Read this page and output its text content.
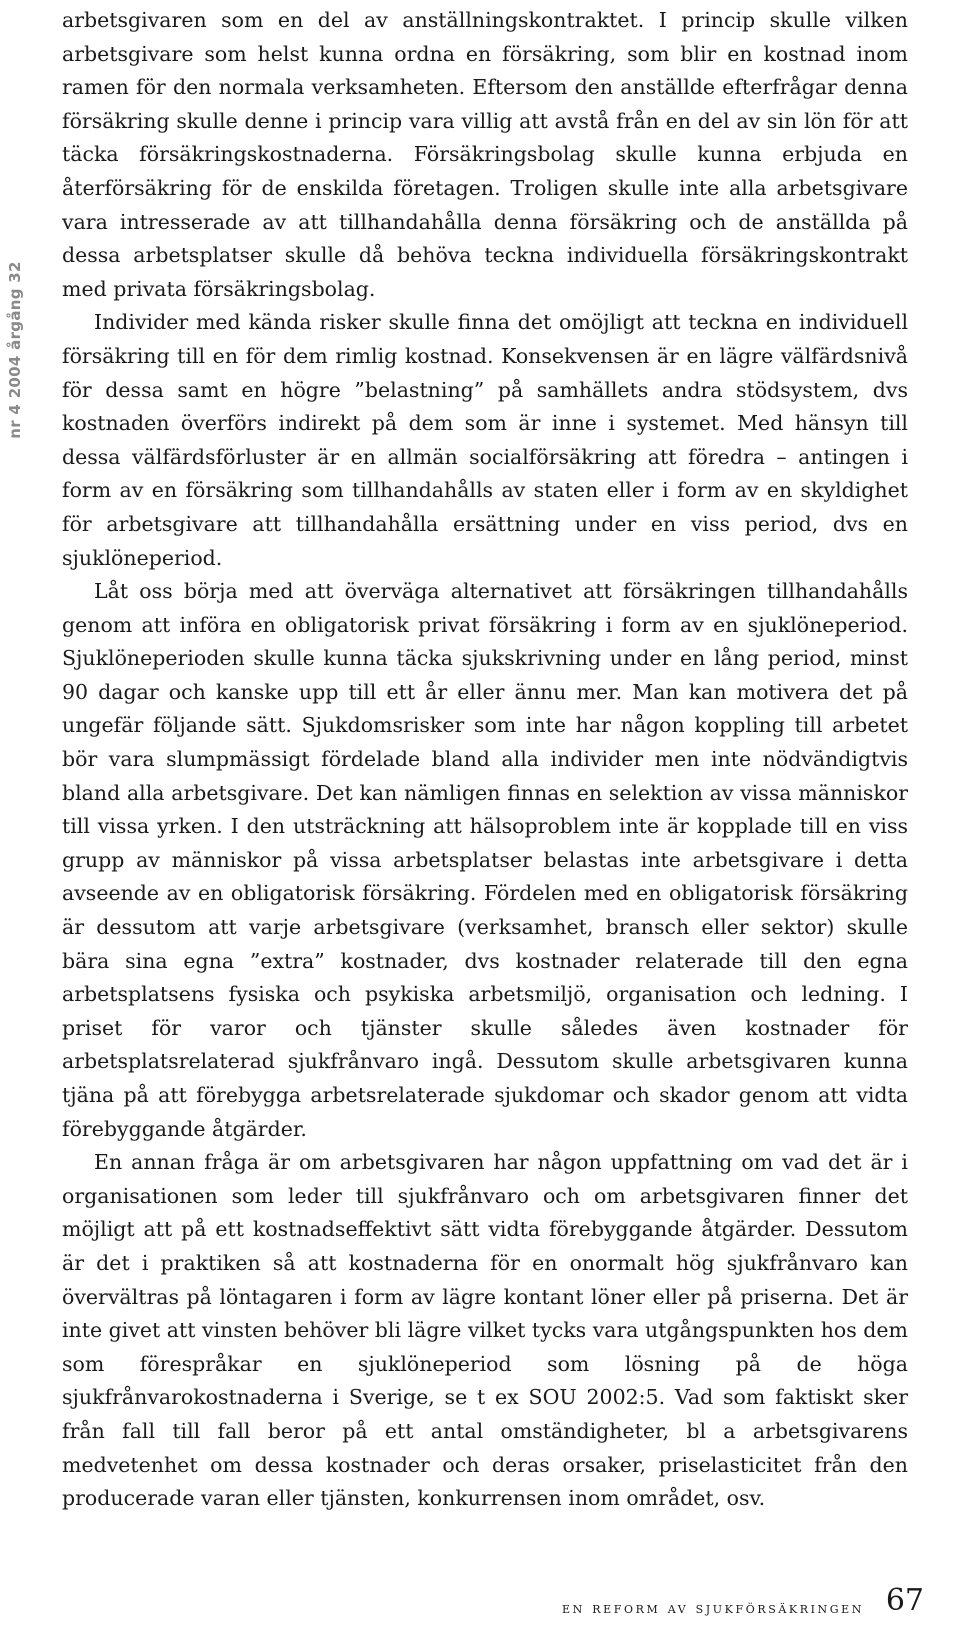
nr 4 2004 årgång 32

arbetsgivaren som en del av anställningskontraktet. I princip skulle vilken arbetsgivare som helst kunna ordna en försäkring, som blir en kostnad inom ramen för den normala verksamheten. Eftersom den anställde efterfrågar denna försäkring skulle denne i princip vara villig att avstå från en del av sin lön för att täcka försäkringskostnaderna. Försäkringsbolag skulle kunna erbjuda en återförsäkring för de enskilda företagen. Troligen skulle inte alla arbetsgivare vara intresserade av att tillhandahålla denna försäkring och de anställda på dessa arbetsplatser skulle då behöva teckna individuella försäkringskontrakt med privata försäkringsbolag.

Individer med kända risker skulle finna det omöjligt att teckna en individuell försäkring till en för dem rimlig kostnad. Konsekvensen är en lägre välfärdsnivå för dessa samt en högre ”belastning” på samhällets andra stödsystem, dvs kostnaden överförs indirekt på dem som är inne i systemet. Med hänsyn till dessa välfärdsförluster är en allmän socialförsäkring att föredra – antingen i form av en försäkring som tillhandahålls av staten eller i form av en skyldighet för arbetsgivare att tillhandahålla ersättning under en viss period, dvs en sjuklöneperiod.

Låt oss börja med att överväga alternativet att försäkringen tillhandahålls genom att införa en obligatorisk privat försäkring i form av en sjuklöneperiod. Sjuklöneperioden skulle kunna täcka sjukskrivning under en lång period, minst 90 dagar och kanske upp till ett år eller ännu mer. Man kan motivera det på ungefär följande sätt. Sjukdomsrisker som inte har någon koppling till arbetet bör vara slumpmässigt fördelade bland alla individer men inte nödvändigtvis bland alla arbetsgivare. Det kan nämligen finnas en selektion av vissa människor till vissa yrken. I den utsträckning att hälsoproblem inte är kopplade till en viss grupp av människor på vissa arbetsplatser belastas inte arbetsgivare i detta avseende av en obligatorisk försäkring. Fördelen med en obligatorisk försäkring är dessutom att varje arbetsgivare (verksamhet, bransch eller sektor) skulle bära sina egna ”extra” kostnader, dvs kostnader relaterade till den egna arbetsplatsens fysiska och psykiska arbetsmiljö, organisation och ledning. I priset för varor och tjänster skulle således även kostnader för arbetsplatsrelaterad sjukfrånvaro ingå. Dessutom skulle arbetsgivaren kunna tjäna på att förebygga arbetsrelaterade sjukdomar och skador genom att vidta förebyggande åtgärder.

En annan fråga är om arbetsgivaren har någon uppfattning om vad det är i organisationen som leder till sjukfrånvaro och om arbetsgivaren finner det möjligt att på ett kostnadseffektivt sätt vidta förebyggande åtgärder. Dessutom är det i praktiken så att kostnaderna för en onormalt hög sjukfrånvaro kan övervältras på löntagaren i form av lägre kontant löner eller på priserna. Det är inte givet att vinsten behöver bli lägre vilket tycks vara utgångspunkten hos dem som förespråkar en sjuklöneperiod som lösning på de höga sjukfrånvarokostnaderna i Sverige, se t ex SOU 2002:5. Vad som faktiskt sker från fall till fall beror på ett antal omständigheter, bl a arbetsgivarens medvetenhet om dessa kostnader och deras orsaker, priselasticitet från den producerade varan eller tjänsten, konkurrensen inom området, osv.

en reform av sjukförsäkringen 67
